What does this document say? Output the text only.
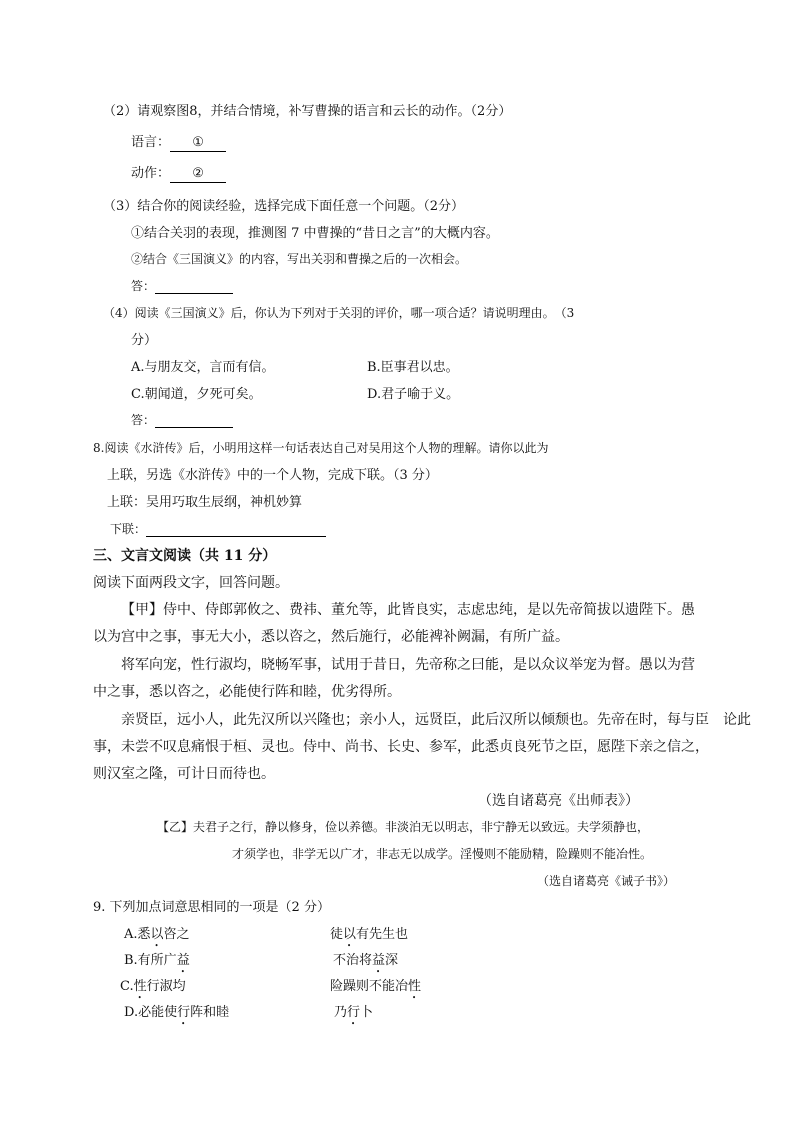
（2）请观察图8，并结合情境，补写曹操的语言和云长的动作。（2分）
语言： ①
动作： ②
（3）结合你的阅读经验，选择完成下面任意一个问题。（2分）
①结合关羽的表现，推测图 7 中曹操的“昔日之言”的大概内容。
②结合《三国演义》的内容，写出关羽和曹操之后的一次相会。
答：
（4）阅读《三国演义》后，你认为下列对于关羽的评价，哪一项合适？请说明理由。　（3
分）
A.与朋友交，言而有信。	B.臣事君以忠。
C.朝闻道，夕死可矣。	D.君子喻于义。
答：
8.阅读《水浒传》后，小明用这样一句话表达自己对吴用这个人物的理解。请你以此为
上联，另选《水浒传》中的一个人物，完成下联。（3 分）
上联：吴用巧取生辰纲，神机妙算
下联：
三、文言文阅读（共 11 分）
阅读下面两段文字，回答问题。
【甲】侍中、侍郎郭攸之、费祎、董允等，此皆良实，志虑忠纯，是以先帝简拔以遗陛下。愚
以为宫中之事，事无大小，悉以咨之，然后施行，必能裨补阙漏，有所广益。
将军向宠，性行淑均，晓畅军事，试用于昔日，先帝称之曰能，是以众议举宠为督。愚以为营
中之事，悉以咨之，必能使行阵和睦，优劣得所。
亲贤臣，远小人，此先汉所以兴隆也；亲小人，远贤臣，此后汉所以倾颓也。先帝在时，每与臣　论此
事，未尝不叹息痛恨于桓、灵也。侍中、尚书、长史、参军，此悉贞良死节之臣，愿陛下亲之信之，
则汉室之隆，可计日而待也。
（选自诸葛亮《出师表》）
【乙】夫君子之行，静以修身，俭以养德。非淡泊无以明志，非宁静无以致远。夫学须静也，
才须学也，非学无以广才，非志无以成学。淫慢则不能励精，险躁则不能冶性。
（选自诸葛亮《诫子书》）
9. 下列加点词意思相同的一项是（2 分）
A.悉以咨之	徒以有先生也
B.有所广益	不治将益深
C.性行淑均	险躁则不能冶性
D.必能使行阵和睦	乃行卜
